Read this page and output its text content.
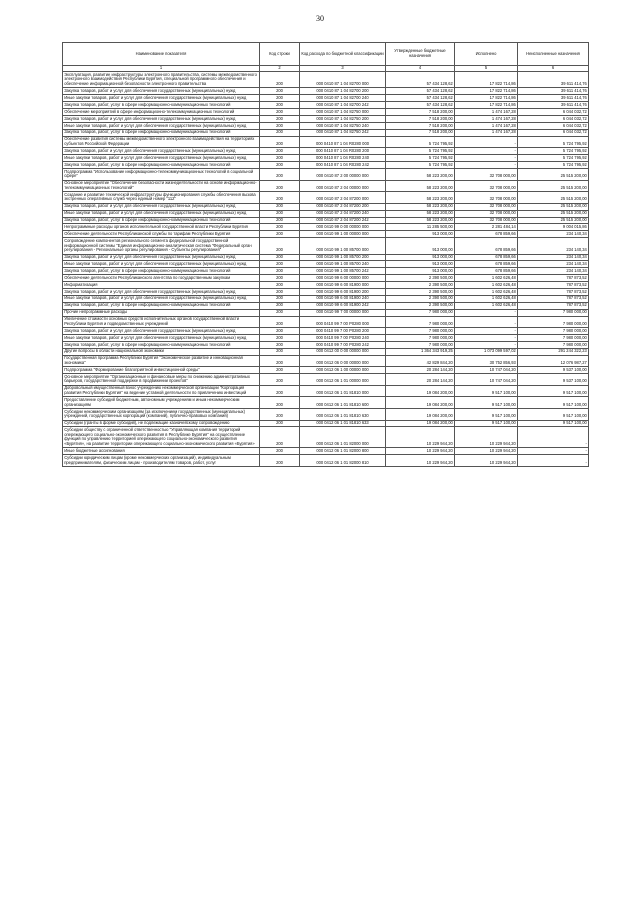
30
Наименование показателя	Код строки	Код расхода по бюджетной классификации	Утвержденные бюджетные назначения	Исполнено	Неисполненные назначения
1	2	3	4	5	6
Эксплуатация, развитие инфраструктуры электронного правительства, системы межведомственного электронного взаимодействия Республики Бурятия, специальной программного обеспечения и обеспечение информационной безопасности электронного правительства	200	000 0410 87 1 04 82700 000	57 434 128,62	17 822 714,86	39 611 414,76
Закупка товаров, работ и услуг для обеспечения государственных (муниципальных) нужд	200	000 0410 87 1 04 82700 200	57 434 128,62	17 822 714,86	39 611 414,76
Иные закупки товаров, работ и услуг для обеспечения государственных (муниципальных) нужд	200	000 0410 87 1 04 82700 240	57 434 128,62	17 822 714,86	39 611 414,76
Закупка товаров, работ, услуг в сфере информационно-коммуникационных технологий	200	000 0410 87 1 04 82700 242	57 434 128,62	17 822 714,86	39 611 414,76
Обеспечение мероприятий в сфере информационно-телекоммуникационных технологий	200	000 0410 87 1 04 82750 000	7 518 200,00	1 474 167,28	6 044 032,72
Закупка товаров, работ и услуг для обеспечения государственных (муниципальных) нужд	200	000 0410 87 1 04 82750 200	7 518 200,00	1 474 167,28	6 044 032,72
Иные закупки товаров, работ и услуг для обеспечения государственных (муниципальных) нужд	200	000 0410 87 1 04 82750 240	7 518 200,00	1 474 167,28	6 044 032,72
Закупка товаров, работ, услуг в сфере информационно-коммуникационных технологий	200	000 0410 87 1 04 82750 242	7 518 200,00	1 474 167,28	6 044 032,72
Обеспечение развития системы межведомственного электронного взаимодействия на территориях субъектов Российской Федерации	200	000 0410 87 1 04 R0280 000	5 724 795,92	-	5 724 795,92
Закупка товаров, работ и услуг для обеспечения государственных (муниципальных) нужд	200	000 0410 87 1 04 R0280 200	5 724 795,92	-	5 724 795,92
Иные закупки товаров, работ и услуг для обеспечения государственных (муниципальных) нужд	200	000 0410 87 1 04 R0280 240	5 724 795,92	-	5 724 795,92
Закупка товаров, работ, услуг в сфере информационно-коммуникационных технологий	200	000 0410 87 1 04 R0280 242	5 724 795,92	-	5 724 795,92
Подпрограмма "Использование информационно-телекоммуникационных технологий в социальной сфере"	200	000 0410 87 2 00 00000 000	58 223 200,00	32 708 000,00	25 515 200,00
Основное мероприятие "Обеспечение безопасности жизнедеятельности на основе информационно-телекоммуникационных технологий"	200	000 0410 87 2 04 00000 000	58 223 200,00	32 708 000,00	25 515 200,00
Создание и развитие технической инфраструктуры функционирования службы обеспечения вызова экстренных оперативных служб через единый номер "112"	200	000 0410 87 2 04 87200 000	58 223 200,00	32 708 000,00	25 515 200,00
Закупка товаров, работ и услуг для обеспечения государственных (муниципальных) нужд	200	000 0410 87 2 04 87200 200	58 223 200,00	32 708 000,00	25 515 200,00
Иные закупки товаров, работ и услуг для обеспечения государственных (муниципальных) нужд	200	000 0410 87 2 04 87200 240	58 223 200,00	32 708 000,00	25 515 200,00
Закупка товаров, работ, услуг в сфере информационно-коммуникационных технологий	200	000 0410 87 2 04 87200 242	58 223 200,00	32 708 000,00	25 515 200,00
Непрограммные расходы органов исполнительной государственной власти Республики Бурятия	200	000 0410 99 0 00 00000 000	11 285 500,00	2 281 484,14	9 004 015,86
Обеспечение деятельности Республиканской службы по тарифам Республики Бурятия	200	000 0410 99 1 00 00000 000	913 000,00	678 859,66	234 140,34
Сопровождение компонентов регионального сегмента федеральной государственной информационной системы "Единая информационно-аналитическая система "Федеральный орган регулирования - Региональные органы регулирования - Субъекты регулирования"	200	000 0410 99 1 00 85700 000	913 000,00	678 859,66	234 140,34
Закупка товаров, работ и услуг для обеспечения государственных (муниципальных) нужд	200	000 0410 99 1 00 85700 200	913 000,00	678 859,66	234 140,34
Иные закупки товаров, работ и услуг для обеспечения государственных (муниципальных) нужд	200	000 0410 99 1 00 85700 240	913 000,00	678 859,66	234 140,34
Закупка товаров, работ, услуг в сфере информационно-коммуникационных технологий	200	000 0410 99 1 00 85700 242	913 000,00	678 859,66	234 140,34
Обеспечение деятельности Республиканского агентства по государственным закупкам	200	000 0410 99 6 00 00000 000	2 390 500,00	1 602 626,48	787 873,52
Информатизация	200	000 0410 99 6 00 81900 000	2 390 500,00	1 602 626,48	787 873,52
Закупка товаров, работ и услуг для обеспечения государственных (муниципальных) нужд	200	000 0410 99 6 00 81900 200	2 390 500,00	1 602 626,48	787 873,52
Иные закупки товаров, работ и услуг для обеспечения государственных (муниципальных) нужд	200	000 0410 99 6 00 81900 240	2 390 500,00	1 602 626,48	787 873,52
Закупка товаров, работ, услуг в сфере информационно-коммуникационных технологий	200	000 0410 99 6 00 81900 242	2 390 500,00	1 602 626,48	787 873,52
Прочие непрограммные расходы	200	000 0410 99 7 00 00000 000	7 980 000,00	-	7 980 000,00
Увеличение стоимости основных средств исполнительных органов государственной власти Республики Бурятия и подведомственных учреждений	200	000 0410 99 7 00 P0280 000	7 980 000,00	-	7 980 000,00
Закупка товаров, работ и услуг для обеспечения государственных (муниципальных) нужд	200	000 0410 99 7 00 P0280 200	7 980 000,00	-	7 980 000,00
Иные закупки товаров, работ и услуг для обеспечения государственных (муниципальных) нужд	200	000 0410 99 7 00 P0280 240	7 980 000,00	-	7 980 000,00
Закупка товаров, работ, услуг в сфере информационно-коммуникационных технологий	200	000 0410 99 7 00 P0280 242	7 980 000,00	-	7 980 000,00
Другие вопросы в области национальной экономики	200	000 0412 00 0 00 00000 000	1 364 343 919,25	1 073 099 597,02	291 244 322,23
Государственная программа Республики Бурятия "Экономическое развитие и инновационная экономика"	200	000 0412 06 0 00 00000 000	42 829 844,20	30 752 856,93	12 076 987,27
Подпрограмма "Формирование благоприятной инвестиционной среды"	200	000 0412 06 1 00 00000 000	20 284 144,20	10 747 044,20	9 537 100,00
Основное мероприятие "Организационные и финансовые меры по снижению административных барьеров, государственной поддержке в продвижении проектов"	200	000 0412 06 1 01 00000 000	20 284 144,20	10 747 044,20	9 537 100,00
Добровольный имущественный взнос учреждению некоммерческой организации "Корпорация развития Республики Бурятия" на ведение уставной деятельности по привлечению инвестиций	200	000 0412 06 1 01 81810 000	19 084 200,00	9 517 100,00	9 517 100,00
Предоставление субсидий бюджетным, автономным учреждениям и иным некоммерческим организациям	200	000 0412 06 1 01 81810 600	19 084 200,00	9 517 100,00	9 517 100,00
Субсидии некоммерческим организациям (за исключением государственных (муниципальных) учреждений, государственных корпораций (компаний), публично-правовых компаний)	200	000 0412 06 1 01 81810 630	19 084 200,00	9 517 100,00	9 517 100,00
Субсидии (гранты в форме субсидий), не подлежащие казначейскому сопровождению	200	000 0412 06 1 01 81810 633	19 084 200,00	9 517 100,00	9 517 100,00
Субсидии обществу с ограниченной ответственностью "Управляющая компания территорий опережающего социально-экономического развития в Республике Бурятия" на осуществление функций по управлению территорией опережающего социально-экономического развития «Бурятия», на развитие территории опережающего социально-экономического развития «Бурятия»	200	000 0412 06 1 01 82000 000	10 229 944,20	10 229 944,20	-
Иные бюджетные ассигнования	200	000 0412 06 1 01 82000 800	10 229 944,20	10 229 944,20	-
Субсидии юридическим лицам (кроме некоммерческих организаций), индивидуальным предпринимателям, физическим лицам - производителям товаров, работ, услуг	200	000 0412 06 1 01 82000 810	10 229 944,20	10 229 944,20	-
